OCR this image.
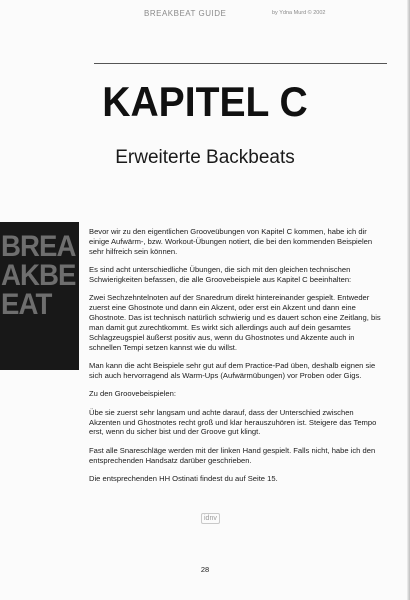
BREAKBEAT GUIDE	by Ydna Murd © 2002
KAPITEL C
Erweiterte Backbeats
BREA
AKBE
EAT

Bevor wir zu den eigentlichen Grooveübungen von Kapitel C kommen, habe ich dir einige Aufwärm-, bzw. Workout-Übungen notiert, die bei den kommenden Beispielen sehr hilfreich sein können.

Es sind acht unterschiedliche Übungen, die sich mit den gleichen technischen Schwierigkeiten befassen, die alle Groovebeispiele aus Kapitel C beeinhalten:

Zwei Sechzehntelnoten auf der Snaredrum direkt hintereinander gespielt. Entweder zuerst eine Ghostnote und dann ein Akzent, oder erst ein Akzent und dann eine Ghostnote. Das ist technisch natürlich schwierig und es dauert schon eine Zeitlang, bis man damit gut zurechtkommt. Es wirkt sich allerdings auch auf dein gesamtes Schlagzeugspiel äußerst positiv aus, wenn du Ghostnotes und Akzente auch in schnellen Tempi setzen kannst wie du willst.

Man kann die acht Beispiele sehr gut auf dem Practice-Pad üben, deshalb eignen sie sich auch hervorragend als Warm-Ups (Aufwärmübungen) vor Proben oder Gigs.

Zu den Groovebeispielen:

Übe sie zuerst sehr langsam und achte darauf, dass der Unterschied zwischen Akzenten und Ghostnotes recht groß und klar herauszuhören ist. Steigere das Tempo erst, wenn du sicher bist und der Groove gut klingt.

Fast alle Snareschläge werden mit der linken Hand gespielt. Falls nicht, habe ich den entsprechenden Handsatz darüber geschrieben.

Die entsprechenden HH Ostinati findest du auf Seite 15.

idnv
28
